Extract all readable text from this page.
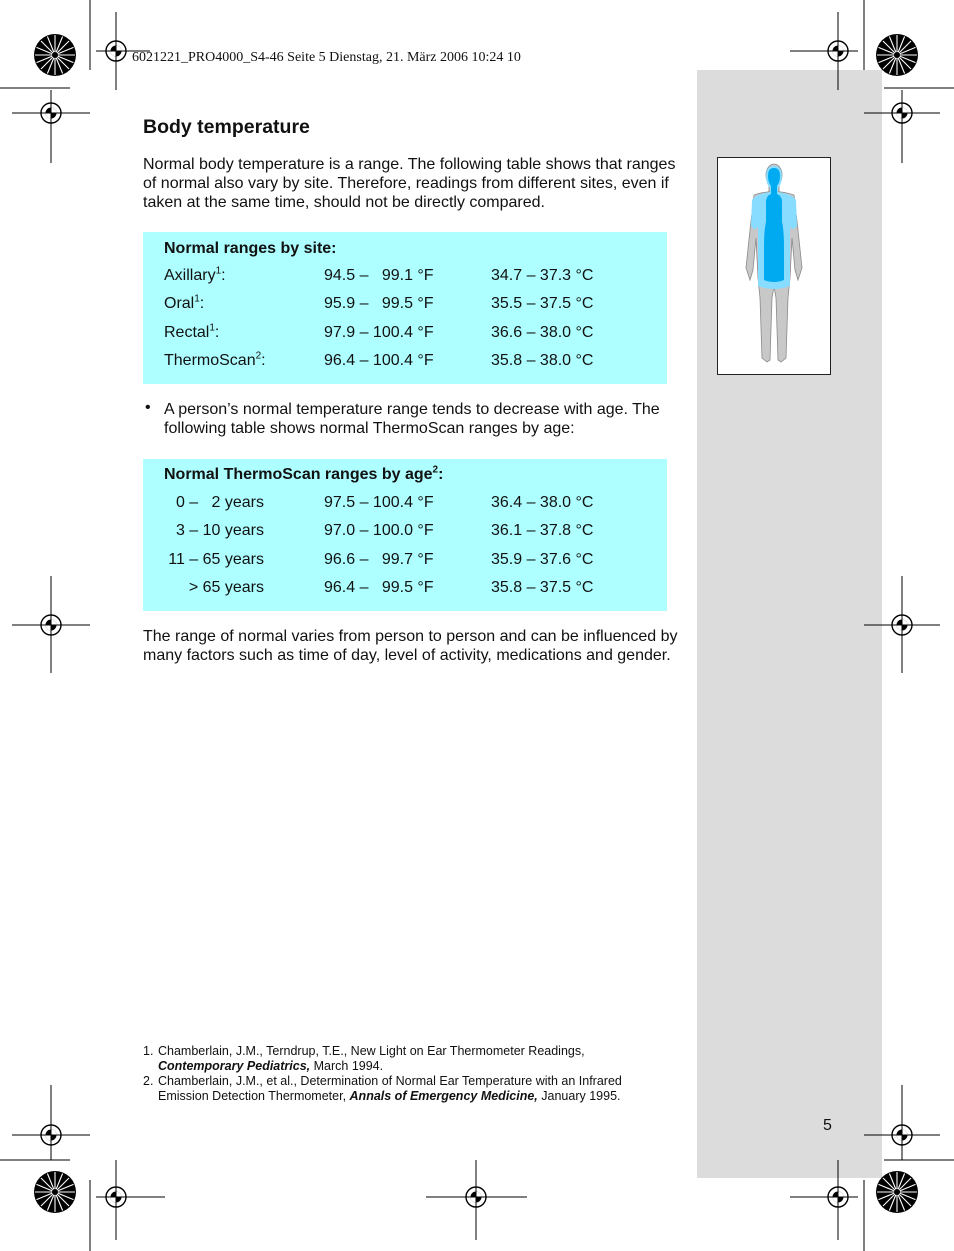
6021221_PRO4000_S4-46 Seite 5 Dienstag, 21. März 2006 10:24 10
Body temperature

Normal body temperature is a range. The following table shows that ranges of normal also vary by site. Therefore, readings from different sites, even if taken at the same time, should not be directly compared.

Normal ranges by site:
Axillary$^1$:	94.5 –   99.1 °F	34.7 – 37.3 °C
Oral$^1$:	95.9 –   99.5 °F	35.5 – 37.5 °C
Rectal$^1$:	97.9 – 100.4 °F	36.6 – 38.0 °C
ThermoScan$^2$:	96.4 – 100.4 °F	35.8 – 38.0 °C
• A person’s normal temperature range tends to decrease with age. The following table shows normal ThermoScan ranges by age:

Normal ThermoScan ranges by age$^2$:
0 –   2 years	97.5 – 100.4 °F	36.4 – 38.0 °C
3 – 10 years	97.0 – 100.0 °F	36.1 – 37.8 °C
11 – 65 years	96.6 –   99.7 °F	35.9 – 37.6 °C
> 65 years	96.4 –   99.5 °F	35.8 – 37.5 °C

The range of normal varies from person to person and can be influenced by many factors such as time of day, level of activity, medications and gender.

1. Chamberlain, J.M., Terndrup, T.E., New Light on Ear Thermometer Readings,
Contemporary Pediatrics, March 1994.
2. Chamberlain, J.M., et al., Determination of Normal Ear Temperature with an Infrared Emission Detection Thermometer, Annals of Emergency Medicine, January 1995.
5
